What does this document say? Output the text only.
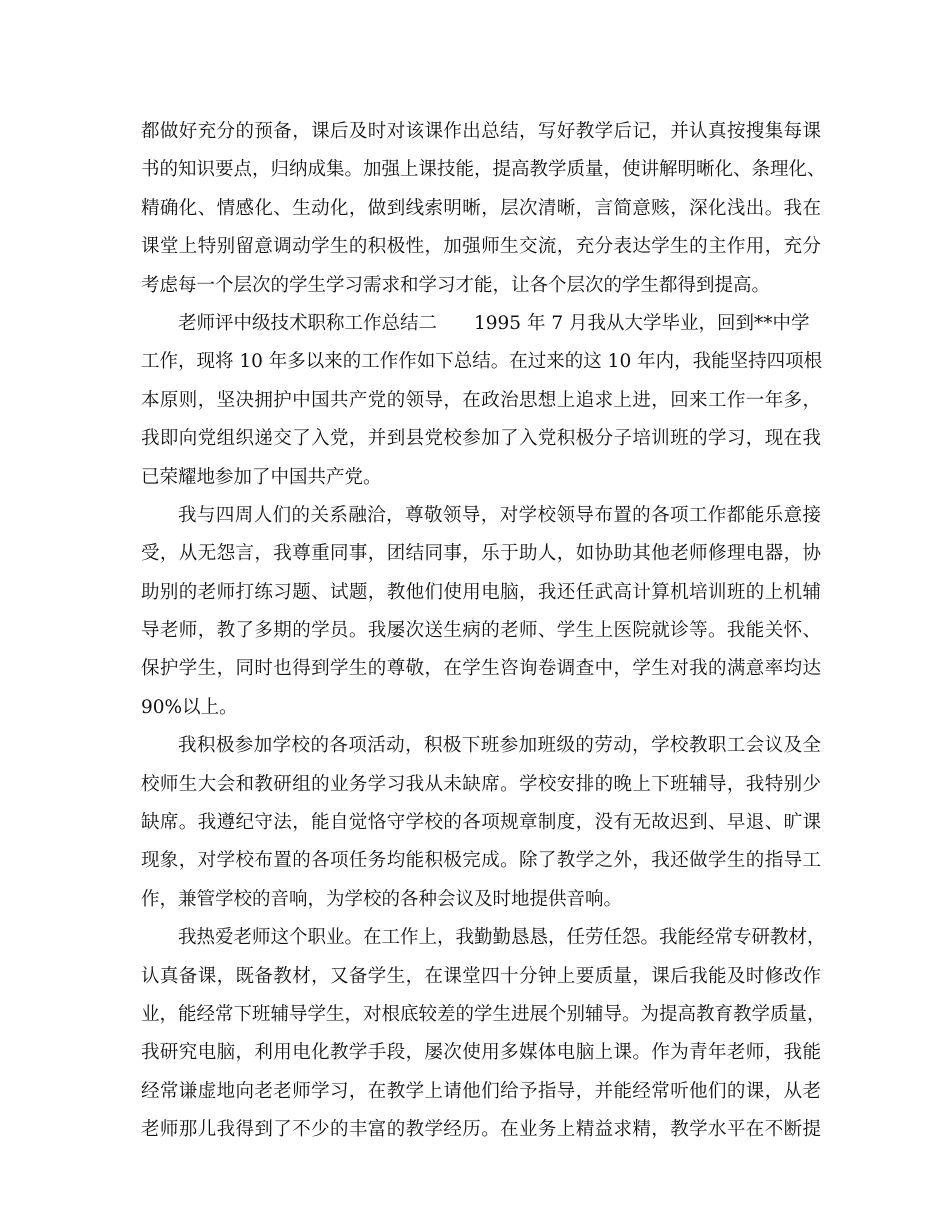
都做好充分的预备，课后及时对该课作出总结，写好教学后记，并认真按搜集每课
书的知识要点，归纳成集。加强上课技能，提高教学质量，使讲解明晰化、条理化、
精确化、情感化、生动化，做到线索明晰，层次清晰，言简意赅，深化浅出。我在
课堂上特别留意调动学生的积极性，加强师生交流，充分表达学生的主作用，充分
考虑每一个层次的学生学习需求和学习才能，让各个层次的学生都得到提高。
老师评中级技术职称工作总结二　　1995 年 7 月我从大学毕业，回到**中学
工作，现将 10 年多以来的工作作如下总结。在过来的这 10 年内，我能坚持四项根
本原则，坚决拥护中国共产党的领导，在政治思想上追求上进，回来工作一年多，
我即向党组织递交了入党，并到县党校参加了入党积极分子培训班的学习，现在我
已荣耀地参加了中国共产党。
我与四周人们的关系融洽，尊敬领导，对学校领导布置的各项工作都能乐意接
受，从无怨言，我尊重同事，团结同事，乐于助人，如协助其他老师修理电器，协
助别的老师打练习题、试题，教他们使用电脑，我还任武高计算机培训班的上机辅
导老师，教了多期的学员。我屡次送生病的老师、学生上医院就诊等。我能关怀、
保护学生，同时也得到学生的尊敬，在学生咨询卷调查中，学生对我的满意率均达
90%以上。
我积极参加学校的各项活动，积极下班参加班级的劳动，学校教职工会议及全
校师生大会和教研组的业务学习我从未缺席。学校安排的晚上下班辅导，我特别少
缺席。我遵纪守法，能自觉恪守学校的各项规章制度，没有无故迟到、早退、旷课
现象，对学校布置的各项任务均能积极完成。除了教学之外，我还做学生的指导工
作，兼管学校的音响，为学校的各种会议及时地提供音响。
我热爱老师这个职业。在工作上，我勤勤恳恳，任劳任怨。我能经常专研教材，
认真备课，既备教材，又备学生，在课堂四十分钟上要质量，课后我能及时修改作
业，能经常下班辅导学生，对根底较差的学生进展个别辅导。为提高教育教学质量，
我研究电脑，利用电化教学手段，屡次使用多媒体电脑上课。作为青年老师，我能
经常谦虚地向老老师学习，在教学上请他们给予指导，并能经常听他们的课，从老
老师那儿我得到了不少的丰富的教学经历。在业务上精益求精，教学水平在不断提
